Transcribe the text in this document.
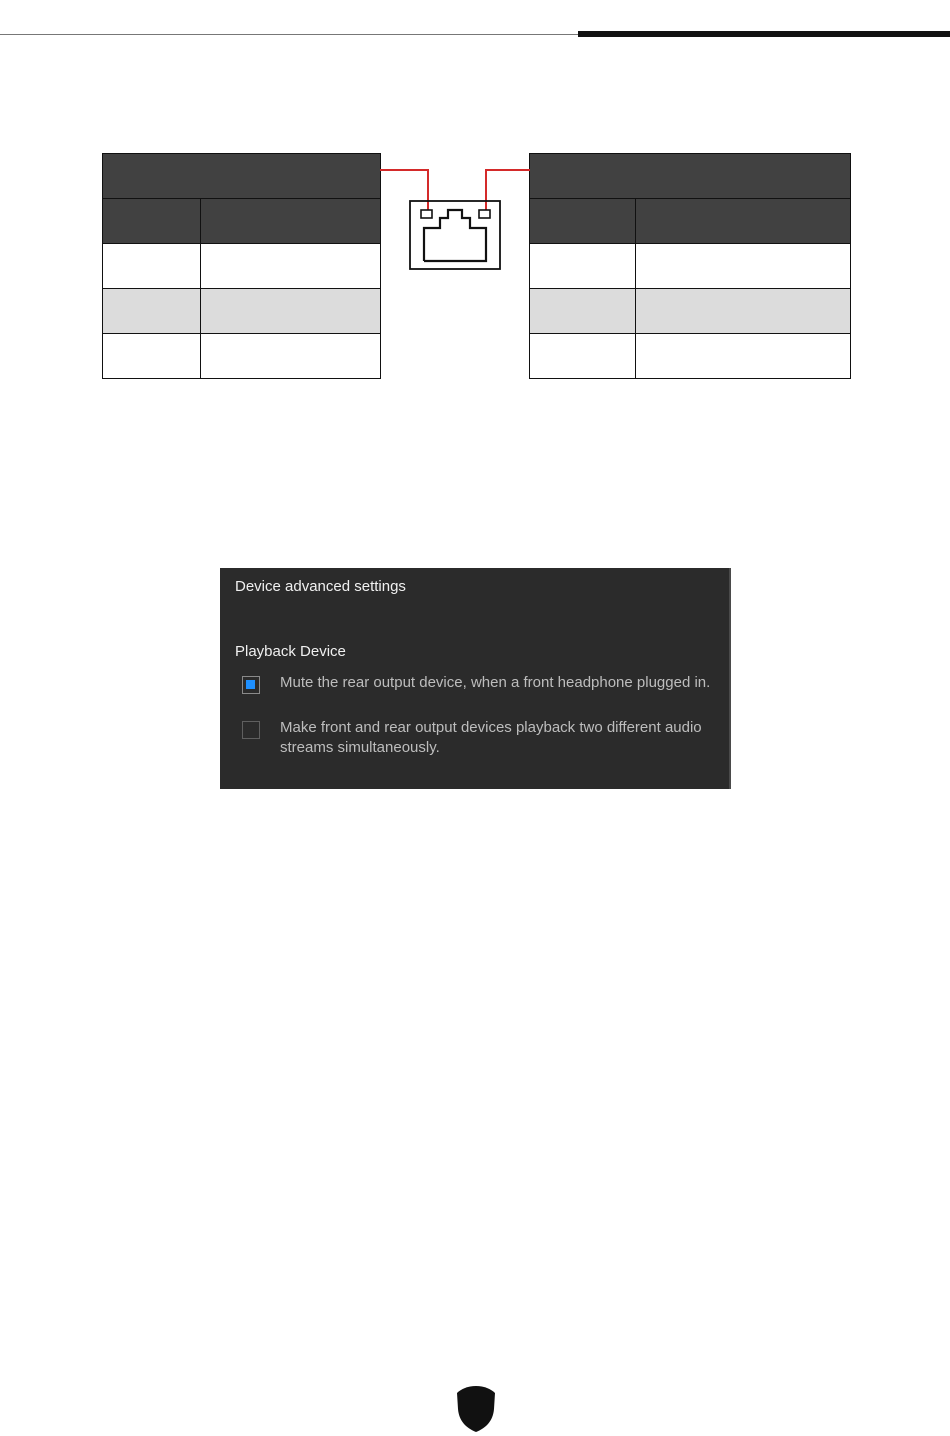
Device advanced settings
Playback Device
Mute the rear output device, when a front headphone plugged in.
Make front and rear output devices playback two different audio streams simultaneously.
